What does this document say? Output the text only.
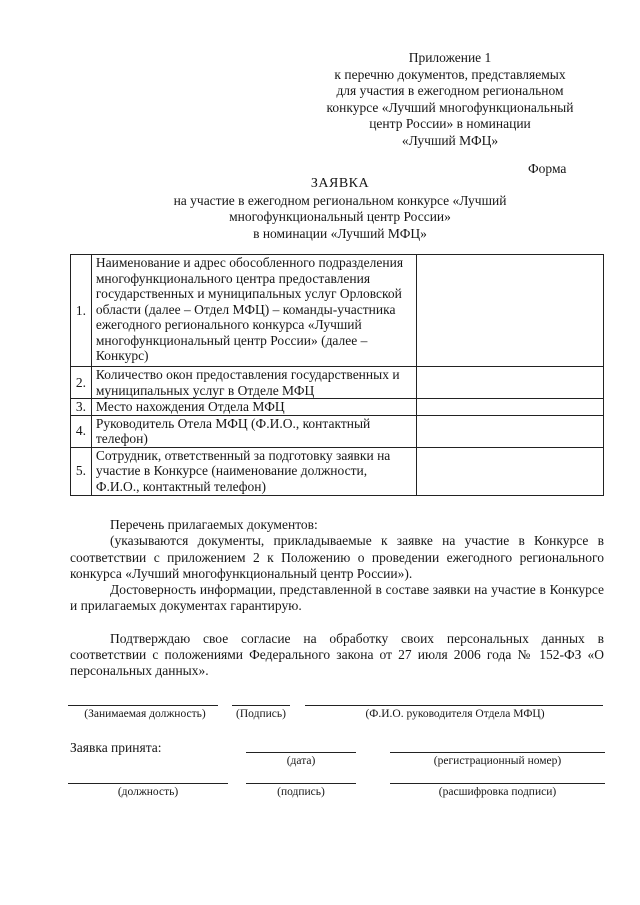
Приложение 1
к перечню документов, представляемых
для участия в ежегодном региональном
конкурсе «Лучший многофункциональный
центр России» в номинации
«Лучший МФЦ»
Форма
ЗАЯВКА
на участие в ежегодном региональном конкурсе «Лучший
многофункциональный центр России»
в номинации «Лучший МФЦ»
1.	Наименование и адрес обособленного подразделения многофункционального центра предоставления государственных и муниципальных услуг Орловской области (далее – Отдел МФЦ) – команды-участника ежегодного регионального конкурса «Лучший многофункциональный центр России» (далее – Конкурс)	
2.	Количество окон предоставления государственных и муниципальных услуг в Отделе МФЦ	
3.	Место нахождения Отдела МФЦ	
4.	Руководитель Отела МФЦ (Ф.И.О., контактный телефон)	
5.	Сотрудник, ответственный за подготовку заявки на участие в Конкурсе (наименование должности, Ф.И.О., контактный телефон)	

Перечень прилагаемых документов:

(указываются документы, прикладываемые к заявке на участие в Конкурсе в соответствии с приложением 2 к Положению о проведении ежегодного регионального конкурса «Лучший многофункциональный центр России»).

Достоверность информации, представленной в составе заявки на участие в Конкурсе и прилагаемых документах гарантирую.

Подтверждаю свое согласие на обработку своих персональных данных в соответствии с положениями Федерального закона от 27 июля 2006 года № 152-ФЗ «О персональных данных».

(Занимаемая должность)	(Подпись)	(Ф.И.О. руководителя Отдела МФЦ)
Заявка принята:
(дата)	(регистрационный номер)
(должность)	(подпись)	(расшифровка подписи)
